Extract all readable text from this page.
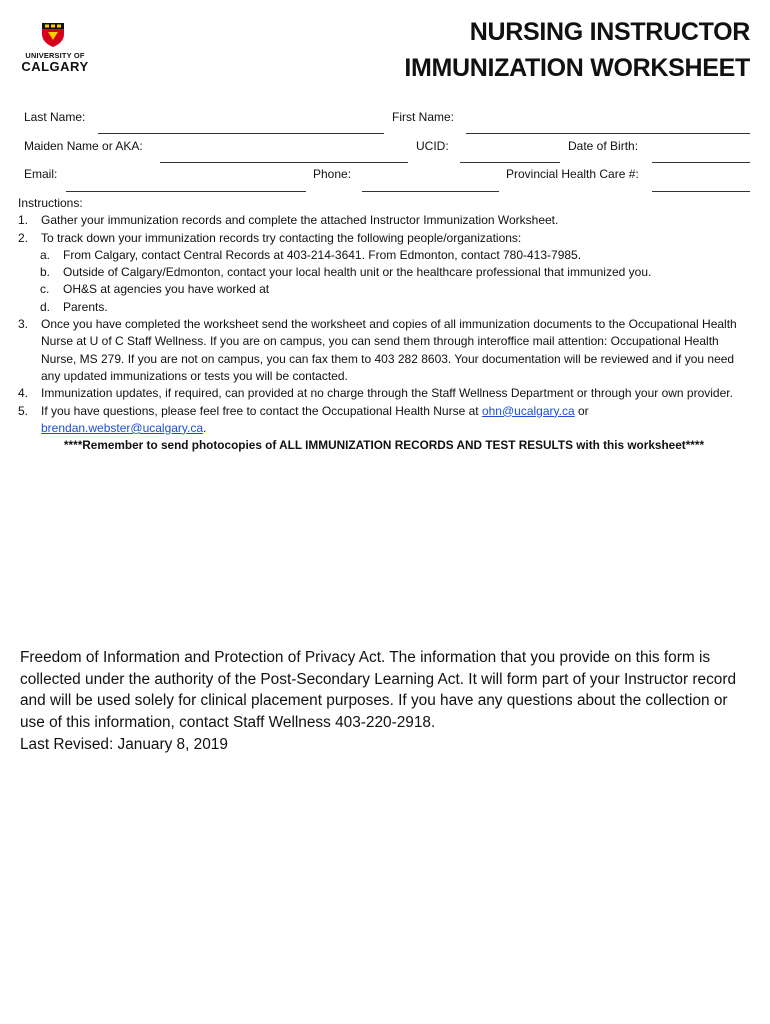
UNIVERSITY OF
CALGARY
NURSING INSTRUCTOR
IMMUNIZATION WORKSHEET
Last Name:	First Name:
Maiden Name or AKA:	UCID:	Date of Birth:
Email:	Phone:	Provincial Health Care #:
Instructions:
1. Gather your immunization records and complete the attached Instructor Immunization Worksheet.
2. To track down your immunization records try contacting the following people/organizations:
a. From Calgary, contact Central Records at 403-214-3641. From Edmonton, contact 780-413-7985.
b. Outside of Calgary/Edmonton, contact your local health unit or the healthcare professional that immunized you.
c. OH&S at agencies you have worked at
d. Parents.
3. Once you have completed the worksheet send the worksheet and copies of all immunization documents to the Occupational Health Nurse at U of C Staff Wellness. If you are on campus, you can send them through interoffice mail attention: Occupational Health Nurse, MS 279. If you are not on campus, you can fax them to 403 282 8603. Your documentation will be reviewed and if you need any updated immunizations or tests you will be contacted.
4. Immunization updates, if required, can provided at no charge through the Staff Wellness Department or through your own provider.
5. If you have questions, please feel free to contact the Occupational Health Nurse at ohn@ucalgary.ca or
brendan.webster@ucalgary.ca.
****Remember to send photocopies of ALL IMMUNIZATION RECORDS AND TEST RESULTS with this worksheet****
Freedom of Information and Protection of Privacy Act. The information that you provide on this form is collected under the authority of the Post-Secondary Learning Act. It will form part of your Instructor record and will be used solely for clinical placement purposes. If you have any questions about the collection or use of this information, contact Staff Wellness 403-220-2918.
Last Revised: January 8, 2019
